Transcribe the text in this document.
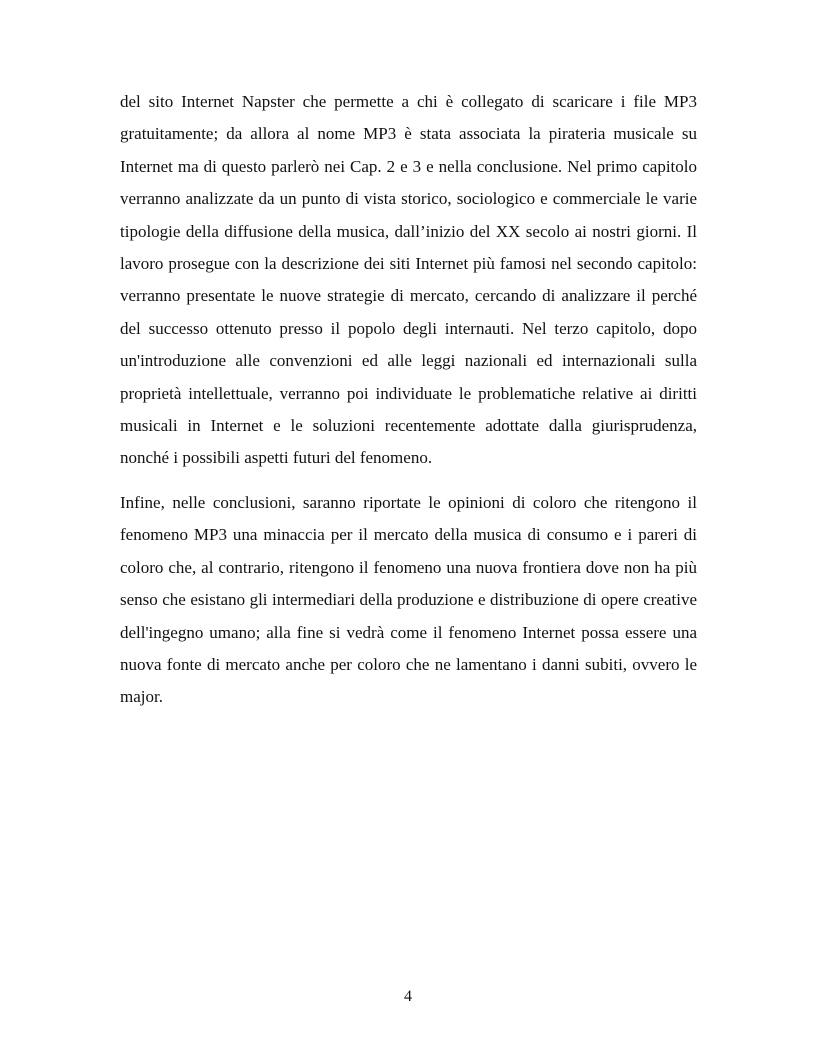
del sito Internet Napster che permette a chi è collegato di scaricare i file MP3 gratuitamente; da allora al nome MP3 è stata associata la pirateria musicale su Internet ma di questo parlerò nei Cap. 2 e 3 e nella conclusione. Nel primo capitolo verranno analizzate da un punto di vista storico, sociologico e commerciale le varie tipologie della diffusione della musica, dall’inizio del XX secolo ai nostri giorni. Il lavoro prosegue con la descrizione dei siti Internet più famosi nel secondo capitolo: verranno presentate le nuove strategie di mercato, cercando di analizzare il perché del successo ottenuto presso il popolo degli internauti. Nel terzo capitolo, dopo un'introduzione alle convenzioni ed alle leggi nazionali ed internazionali sulla proprietà intellettuale, verranno poi individuate le problematiche relative ai diritti musicali in Internet e le soluzioni recentemente adottate dalla giurisprudenza, nonché i possibili aspetti futuri del fenomeno.

Infine, nelle conclusioni, saranno riportate le opinioni di coloro che ritengono il fenomeno MP3 una minaccia per il mercato della musica di consumo e i pareri di coloro che, al contrario, ritengono il fenomeno una nuova frontiera dove non ha più senso che esistano gli intermediari della produzione e distribuzione di opere creative dell'ingegno umano; alla fine si vedrà come il fenomeno Internet possa essere una nuova fonte di mercato anche per coloro che ne lamentano i danni subiti, ovvero le major.

4
